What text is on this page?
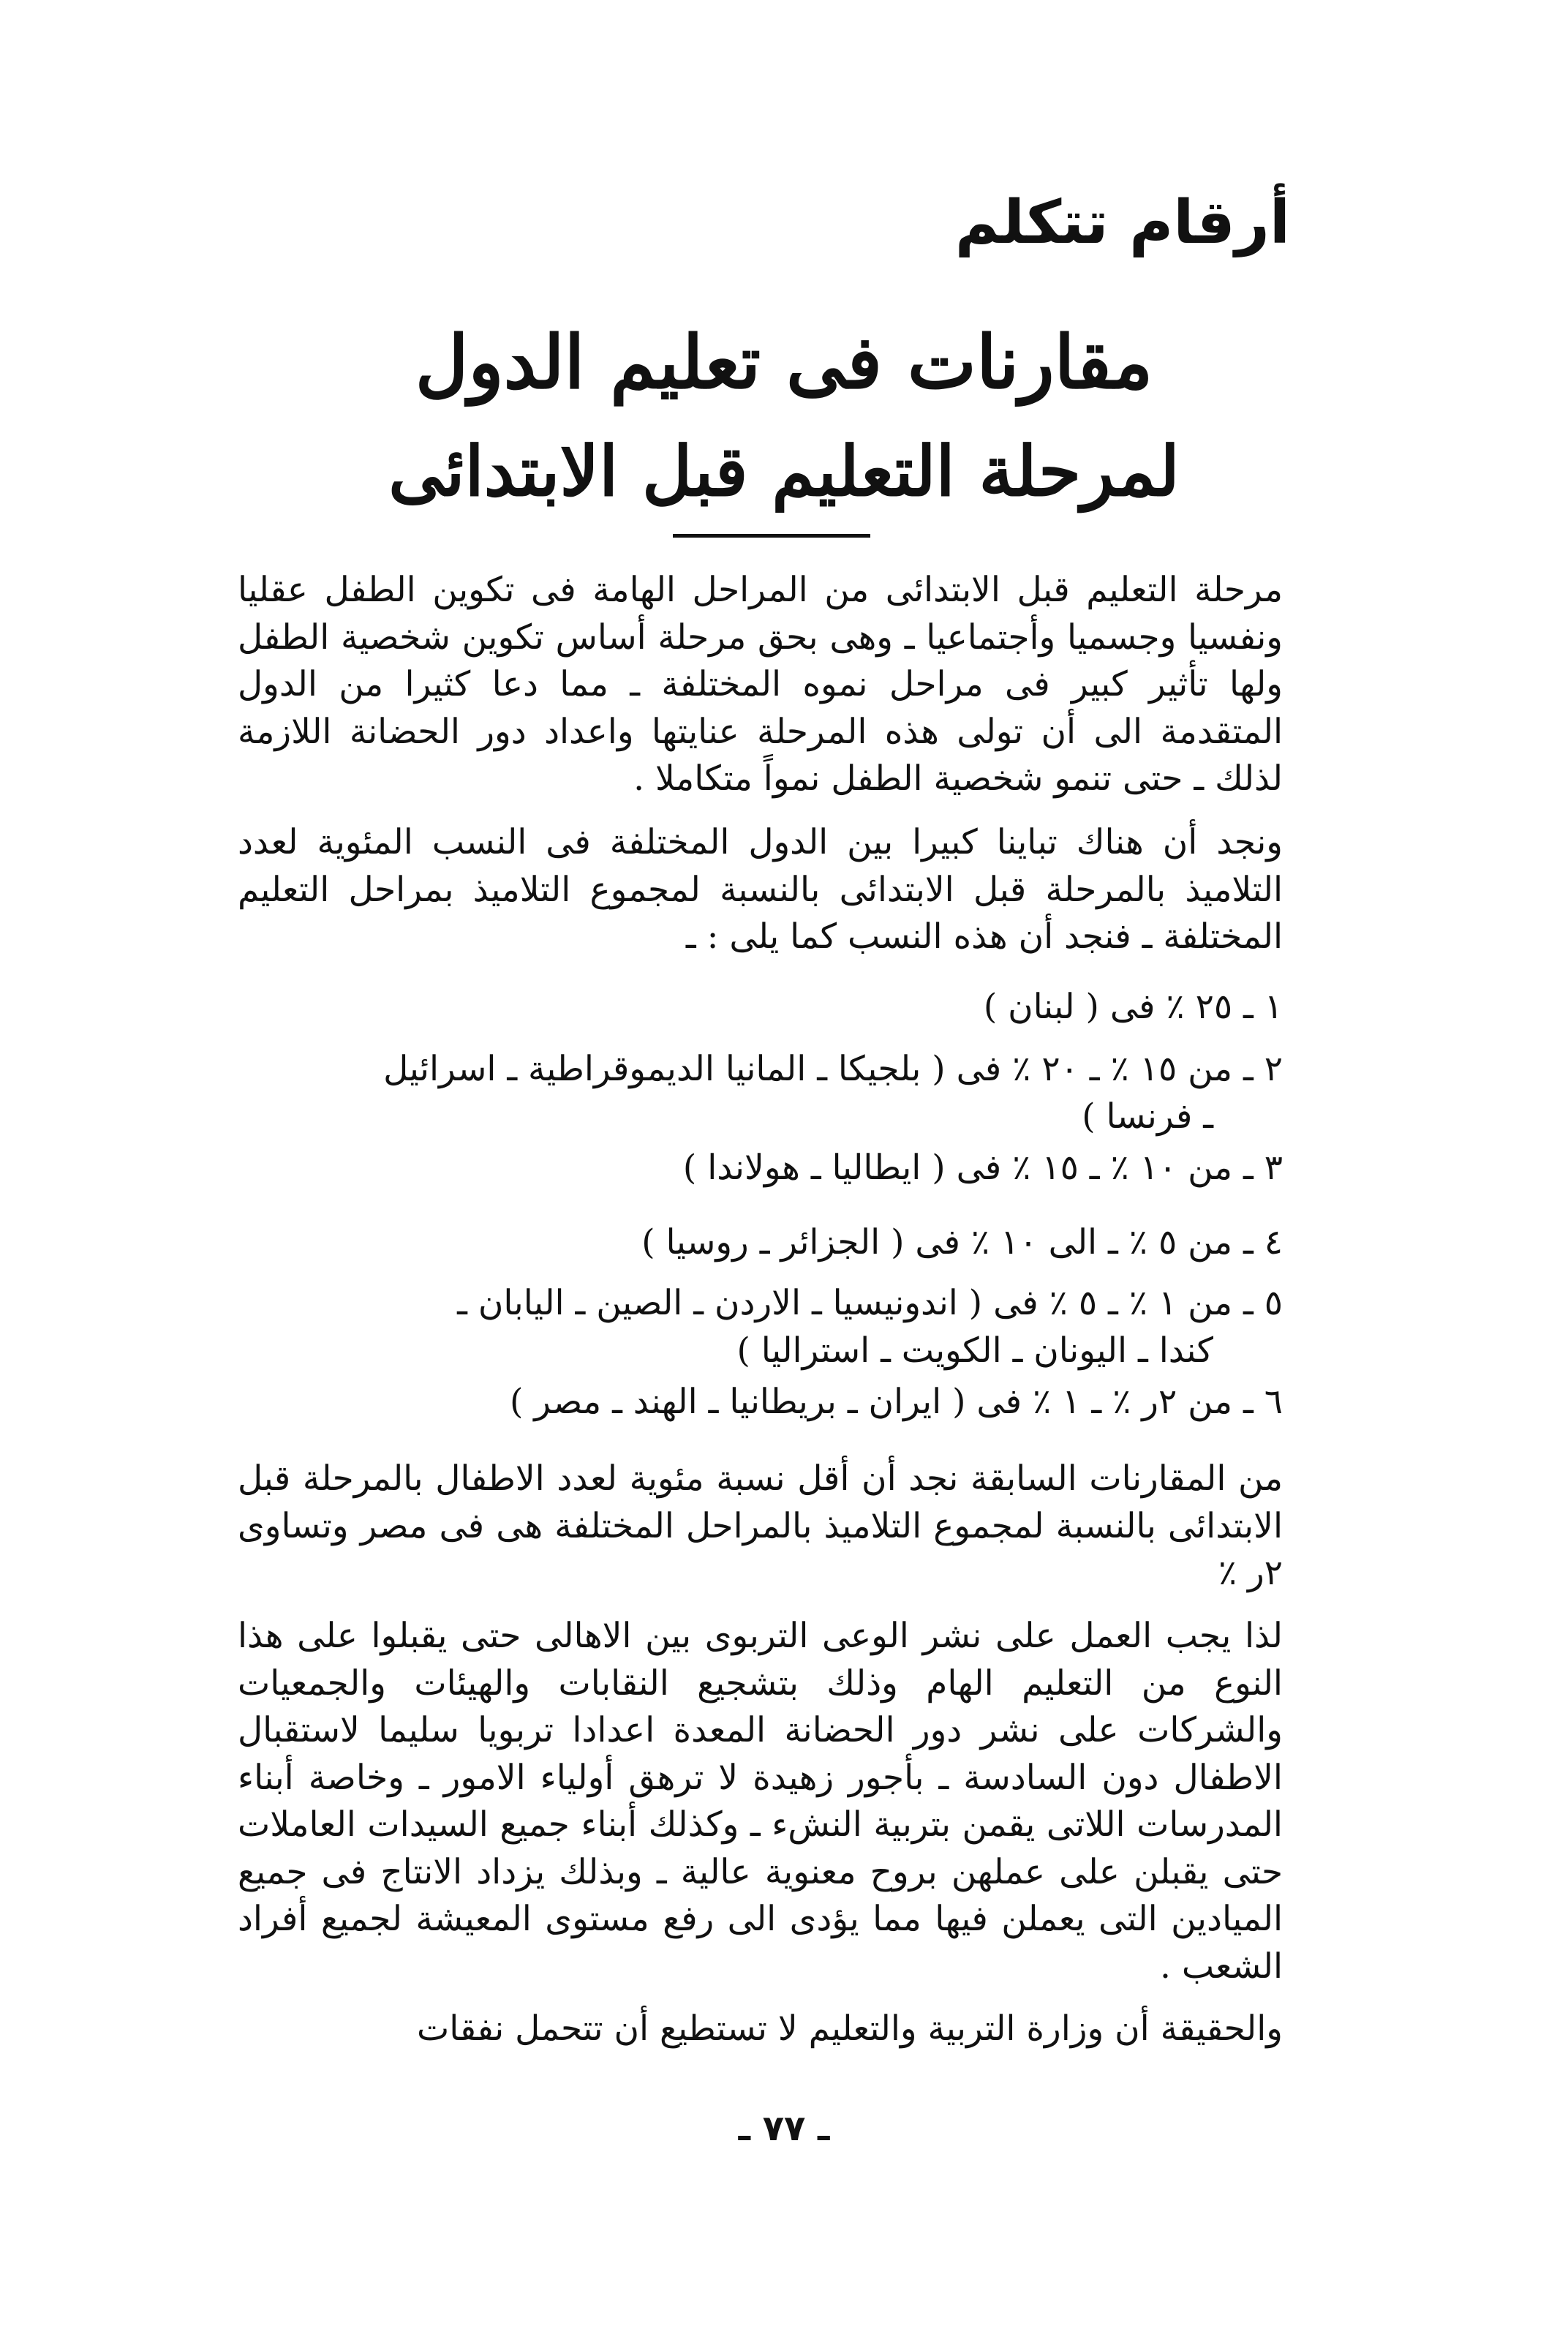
أرقام تتكلم
مقارنات فى تعليم الدول
لمرحلة التعليم قبل الابتدائى

مرحلة التعليم قبل الابتدائى من المراحل الهامة فى تكوين الطفل عقليا ونفسيا وجسميا وأجتماعيا ـ وهى بحق مرحلة أساس تكوين شخصية الطفل ولها تأثير كبير فى مراحل نموه المختلفة ـ مما دعا كثيرا من الدول المتقدمة الى أن تولى هذه المرحلة عنايتها واعداد دور الحضانة اللازمة لذلك ـ حتى تنمو شخصية الطفل نمواً متكاملا .

ونجد أن هناك تباينا كبيرا بين الدول المختلفة فى النسب المئوية لعدد التلاميذ بالمرحلة قبل الابتدائى بالنسبة لمجموع التلاميذ بمراحل التعليم المختلفة ـ فنجد أن هذه النسب كما يلى : ـ

١ ـ ٢٥ ٪ فى ( لبنان )
٢ ـ من ١٥ ٪ ـ ٢٠ ٪ فى ( بلجيكا ـ المانيا الديموقراطية ـ اسرائيل
ـ فرنسا )
٣ ـ من ١٠ ٪ ـ ١٥ ٪ فى ( ايطاليا ـ هولاندا )
٤ ـ من ٥ ٪ ـ الى ١٠ ٪ فى ( الجزائر ـ روسيا )
٥ ـ من ١ ٪ ـ ٥ ٪ فى ( اندونيسيا ـ الاردن ـ الصين ـ اليابان ـ
كندا ـ اليونان ـ الكويت ـ استراليا )
٦ ـ من ٢ر ٪ ـ ١ ٪ فى ( ايران ـ بريطانيا ـ الهند ـ مصر )

من المقارنات السابقة نجد أن أقل نسبة مئوية لعدد الاطفال بالمرحلة قبل الابتدائى بالنسبة لمجموع التلاميذ بالمراحل المختلفة هى فى مصر وتساوى ٢ر ٪

لذا يجب العمل على نشر الوعى التربوى بين الاهالى حتى يقبلوا على هذا النوع من التعليم الهام وذلك بتشجيع النقابات والهيئات والجمعيات والشركات على نشر دور الحضانة المعدة اعدادا تربويا سليما لاستقبال الاطفال دون السادسة ـ بأجور زهيدة لا ترهق أولياء الامور ـ وخاصة أبناء المدرسات اللاتى يقمن بتربية النشء ـ وكذلك أبناء جميع السيدات العاملات حتى يقبلن على عملهن بروح معنوية عالية ـ وبذلك يزداد الانتاج فى جميع الميادين التى يعملن فيها مما يؤدى الى رفع مستوى المعيشة لجميع أفراد الشعب .

والحقيقة أن وزارة التربية والتعليم لا تستطيع أن تتحمل نفقات

ـ ٧٧ ـ
